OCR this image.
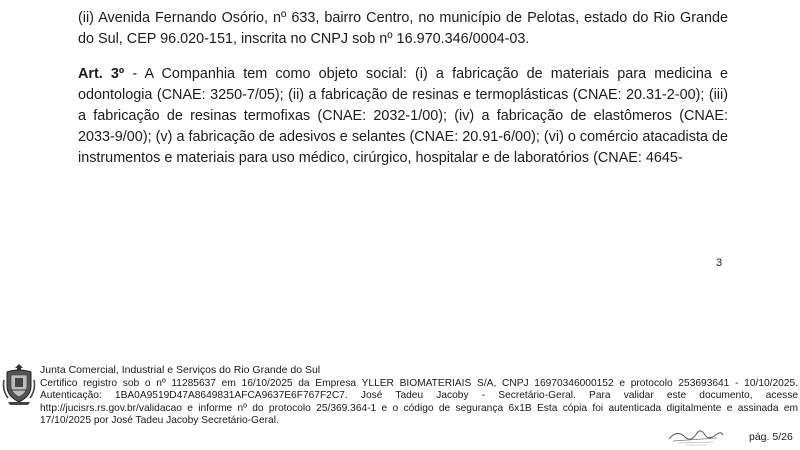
(ii) Avenida Fernando Osório, nº 633, bairro Centro, no município de Pelotas, estado do Rio Grande do Sul, CEP 96.020-151, inscrita no CNPJ sob nº 16.970.346/0004-03.

Art. 3º - A Companhia tem como objeto social: (i) a fabricação de materiais para medicina e odontologia (CNAE: 3250-7/05); (ii) a fabricação de resinas e termoplásticas (CNAE: 20.31-2-00); (iii) a fabricação de resinas termofixas (CNAE: 2032-1/00); (iv) a fabricação de elastômeros (CNAE: 2033-9/00); (v) a fabricação de adesivos e selantes (CNAE: 20.91-6/00); (vi) o comércio atacadista de instrumentos e materiais para uso médico, cirúrgico, hospitalar e de laboratórios (CNAE: 4645-

3

Junta Comercial, Industrial e Serviços do Rio Grande do Sul

Certifico registro sob o nº 11285637 em 16/10/2025 da Empresa YLLER BIOMATERIAIS S/A, CNPJ 16970346000152 e protocolo 253693641 - 10/10/2025. Autenticação: 1BA0A9519D47A8649831AFCA9637E6F767F2C7. José Tadeu Jacoby - Secretário-Geral. Para validar este documento, acesse http://jucisrs.rs.gov.br/validacao e informe nº do protocolo 25/369.364-1 e o código de segurança 6x1B Esta cópia foi autenticada digitalmente e assinada em 17/10/2025 por José Tadeu Jacoby Secretário-Geral.

pág. 5/26
